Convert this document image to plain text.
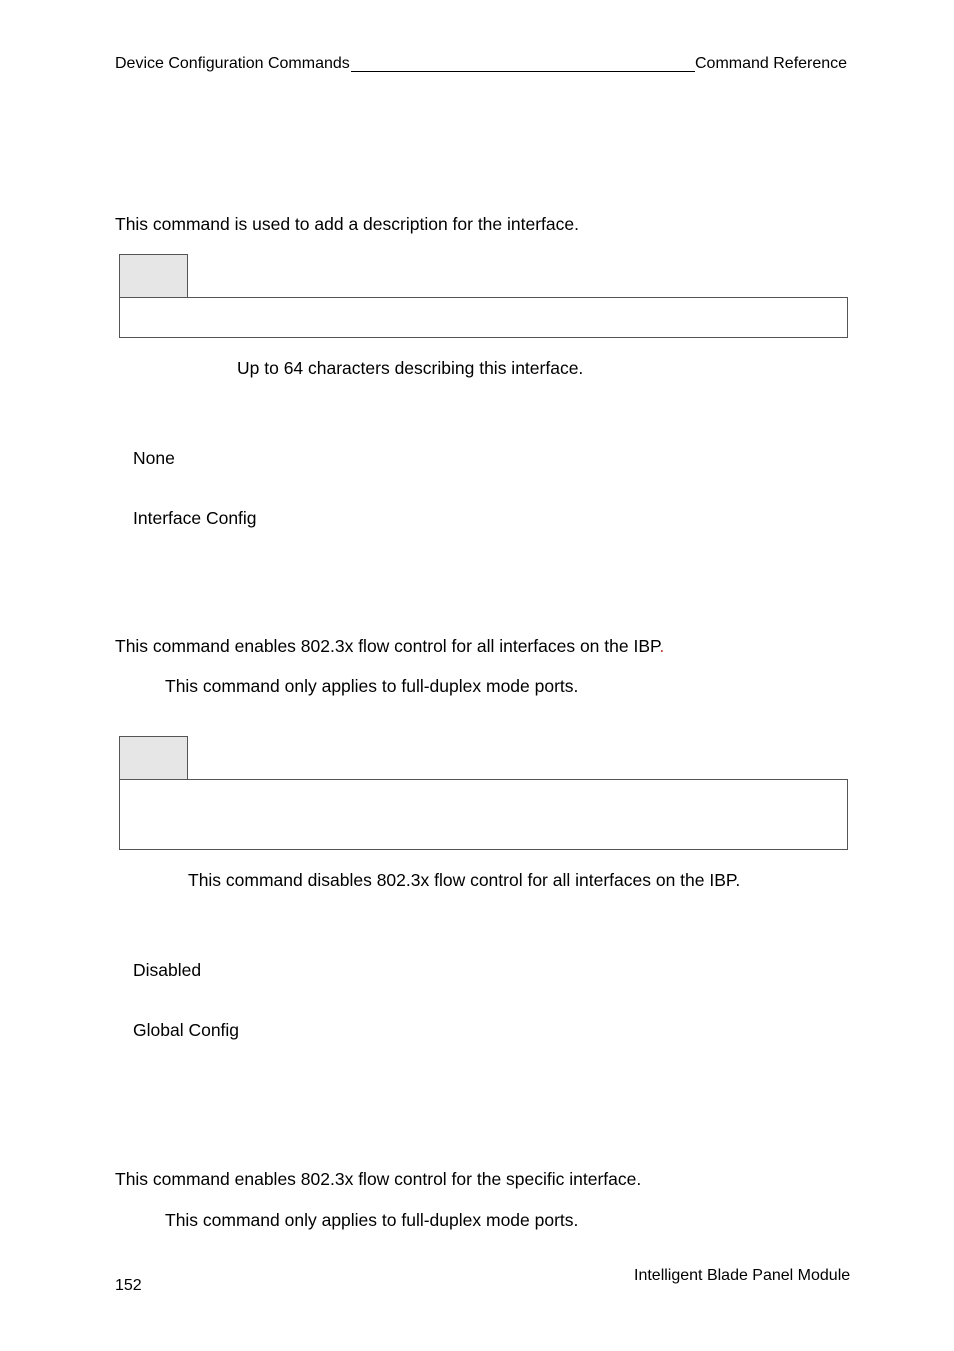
Device Configuration Commands	Command Reference
This command is used to add a description for the interface.
Up to 64 characters describing this interface.
None
Interface Config
This command enables 802.3x flow control for all interfaces on the IBP.
This command only applies to full-duplex mode ports.
This command disables 802.3x flow control for all interfaces on the IBP.
Disabled
Global Config
This command enables 802.3x flow control for the specific interface.
This command only applies to full-duplex mode ports.
152
Intelligent Blade Panel Module
